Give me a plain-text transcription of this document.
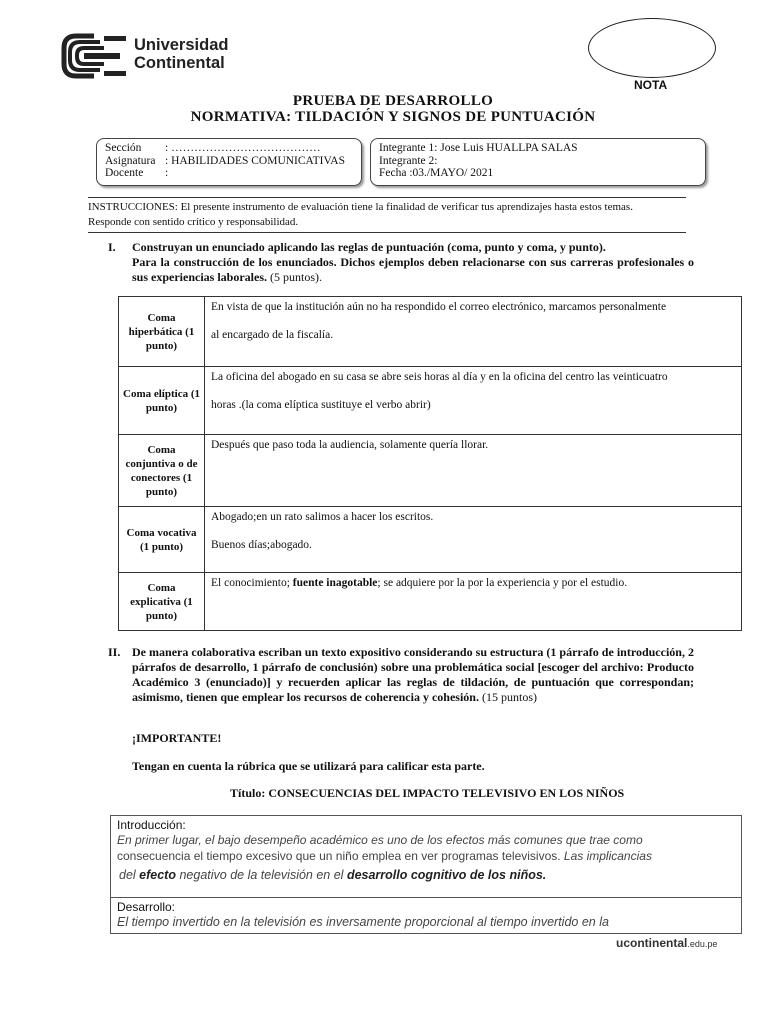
Universidad
Continental
NOTA
PRUEBA DE DESARROLLO
NORMATIVA: TILDACIÓN Y SIGNOS DE PUNTUACIÓN
Sección	: …………………………………
Asignatura : HABILIDADES COMUNICATIVAS
Docente	:
Integrante 1: Jose Luis HUALLPA SALAS
Integrante 2:
Fecha :03./MAYO/ 2021
INSTRUCCIONES: El presente instrumento de evaluación tiene la finalidad de verificar tus aprendizajes hasta estos temas.
Responde con sentido crítico y responsabilidad.
I. Construyan un enunciado aplicando las reglas de puntuación (coma, punto y coma, y punto).
Para la construcción de los enunciados. Dichos ejemplos deben relacionarse con sus carreras profesionales o sus experiencias laborales. (5 puntos).
Coma hiperbática (1 punto)	En vista de que la institución aún no ha respondido el correo electrónico, marcamos personalmente
al encargado de la fiscalía.

Coma elíptica (1 punto)	La oficina del abogado en su casa se abre seis horas al día y en la oficina del centro las veinticuatro
horas .(la coma elíptica sustituye el verbo abrir)

Coma conjuntiva o de conectores (1 punto)	Después que paso toda la audiencia, solamente quería llorar.

Coma vocativa (1 punto)	Abogado;en un rato salimos a hacer los escritos.
Buenos días;abogado.

Coma explicativa (1 punto)	El conocimiento; fuente inagotable; se adquiere por la por la experiencia y por el estudio.
II. De manera colaborativa escriban un texto expositivo considerando su estructura (1 párrafo de introducción, 2 párrafos de desarrollo, 1 párrafo de conclusión) sobre una problemática social [escoger del archivo: Producto Académico 3 (enunciado)] y recuerden aplicar las reglas de tildación, de puntuación que correspondan; asimismo, tienen que emplear los recursos de coherencia y cohesión. (15 puntos)
¡IMPORTANTE!
Tengan en cuenta la rúbrica que se utilizará para calificar esta parte.
Título: CONSECUENCIAS DEL IMPACTO TELEVISIVO EN LOS NIÑOS
Introducción:
En primer lugar, el bajo desempeño académico es uno de los efectos más comunes que trae como
consecuencia el tiempo excesivo que un niño emplea en ver programas televisivos. Las implicancias
del efecto negativo de la televisión en el desarrollo cognitivo de los niños.
Desarrollo:
El tiempo invertido en la televisión es inversamente proporcional al tiempo invertido en la
ucontinental.edu.pe
